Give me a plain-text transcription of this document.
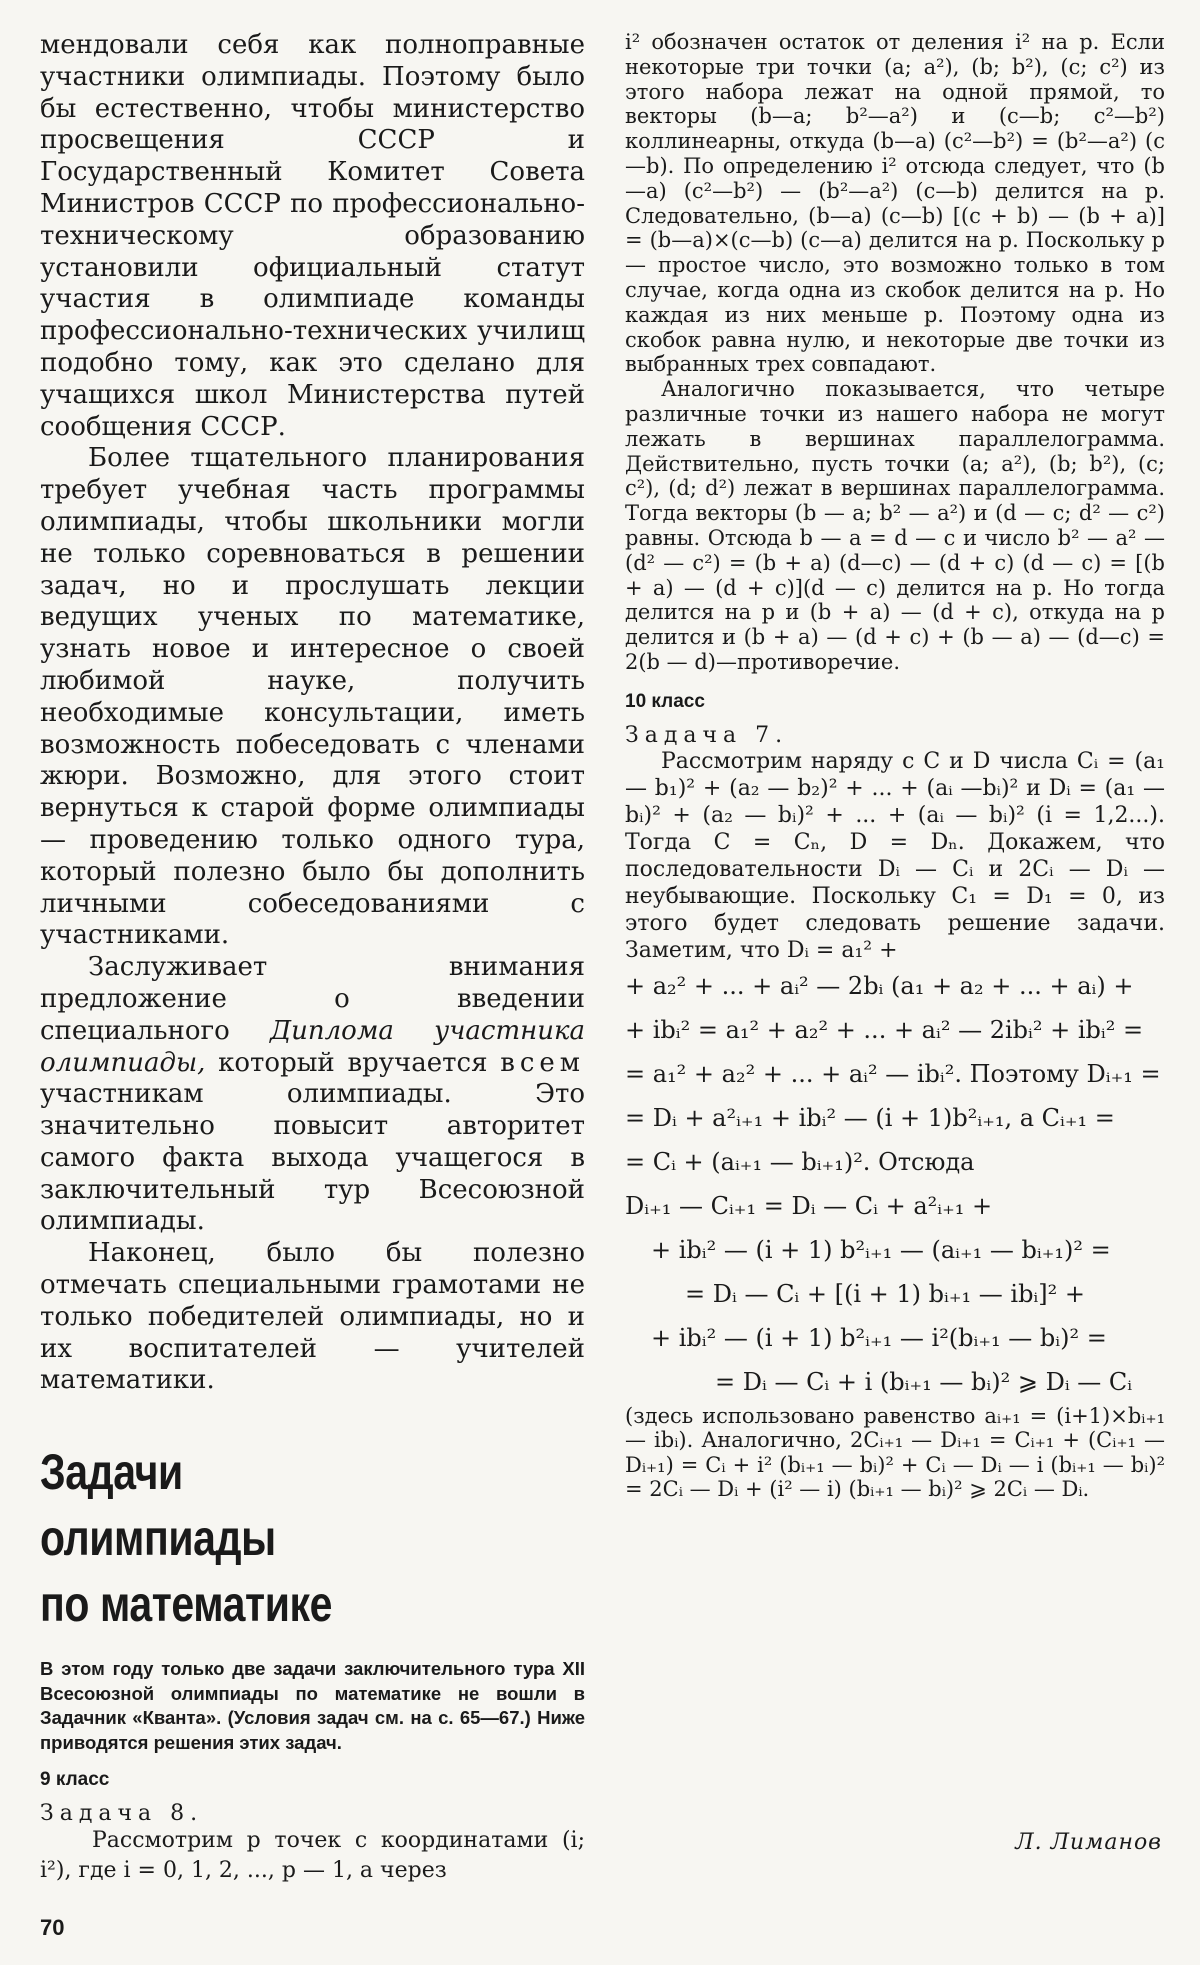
мендовали себя как полноправные участники олимпиады. Поэтому было бы естественно, чтобы министерство просвещения СССР и Государственный Комитет Совета Министров СССР по профессионально-техническому образованию установили официальный статут участия в олимпиаде команды профессионально-технических училищ подобно тому, как это сделано для учащихся школ Министерства путей сообщения СССР.

Более тщательного планирования требует учебная часть программы олимпиады, чтобы школьники могли не только соревноваться в решении задач, но и прослушать лекции ведущих ученых по математике, узнать новое и интересное о своей любимой науке, получить необходимые консультации, иметь возможность побеседовать с членами жюри. Возможно, для этого стоит вернуться к старой форме олимпиады — проведению только одного тура, который полезно было бы дополнить личными собеседованиями с участниками.

Заслуживает внимания предложение о введении специального Диплома участника олимпиады, который вручается всем участникам олимпиады. Это значительно повысит авторитет самого факта выхода учащегося в заключительный тур Всесоюзной олимпиады.

Наконец, было бы полезно отмечать специальными грамотами не только победителей олимпиады, но и их воспитателей — учителей математики.

Задачи
олимпиады
по математике

В этом году только две задачи заключительного тура XII Всесоюзной олимпиады по математике не вошли в Задачник «Кванта». (Условия задач см. на с. 65—67.) Ниже приводятся решения этих задач.

9 класс
Задача 8.

Рассмотрим p точек с координатами (i; i²), где i = 0, 1, 2, ..., p — 1, а через

i² обозначен остаток от деления i² на p. Если некоторые три точки (a; a²), (b; b²), (c; c²) из этого набора лежат на одной прямой, то векторы (b—a; b²—a²) и (c—b; c²—b²) коллинеарны, откуда (b—a) (c²—b²) = (b²—a²) (c—b). По определению i² отсюда следует, что (b—a) (c²—b²) — (b²—a²) (c—b) делится на p. Следовательно, (b—a) (c—b) [(c + b) — (b + a)] = (b—a)×(c—b) (c—a) делится на p. Поскольку p — простое число, это возможно только в том случае, когда одна из скобок делится на p. Но каждая из них меньше p. Поэтому одна из скобок равна нулю, и некоторые две точки из выбранных трех совпадают.

Аналогично показывается, что четыре различные точки из нашего набора не могут лежать в вершинах параллелограмма. Действительно, пусть точки (a; a²), (b; b²), (c; c²), (d; d²) лежат в вершинах параллелограмма. Тогда векторы (b — a; b² — a²) и (d — c; d² — c²) равны. Отсюда b — a = d — c и число b² — a² — (d² — c²) = (b + a) (d—c) — (d + c) (d — c) = [(b + a) — (d + c)](d — c) делится на p. Но тогда делится на p и (b + a) — (d + c), откуда на p делится и (b + a) — (d + c) + (b — a) — (d—c) = 2(b — d)—противоречие.

10 класс
Задача 7.

Рассмотрим наряду с C и D числа Cᵢ = (a₁ — b₁)² + (a₂ — b₂)² + ... + (aᵢ —bᵢ)² и Dᵢ = (a₁ — bᵢ)² + (a₂ — bᵢ)² + ... + (aᵢ — bᵢ)² (i = 1,2...). Тогда C = Cₙ, D = Dₙ. Докажем, что последовательности Dᵢ — Cᵢ и 2Cᵢ — Dᵢ — неубывающие. Поскольку C₁ = D₁ = 0, из этого будет следовать решение задачи. Заметим, что Dᵢ = a₁² +

+ a₂² + ... + aᵢ² — 2bᵢ (a₁ + a₂ + ... + aᵢ) +
+ ibᵢ² = a₁² + a₂² + ... + aᵢ² — 2ibᵢ² + ibᵢ² =
= a₁² + a₂² + ... + aᵢ² — ibᵢ². Поэтому Dᵢ₊₁ =
= Dᵢ + a²ᵢ₊₁ + ibᵢ² — (i + 1)b²ᵢ₊₁, а Cᵢ₊₁ =
= Cᵢ + (aᵢ₊₁ — bᵢ₊₁)². Отсюда
Dᵢ₊₁ — Cᵢ₊₁ = Dᵢ — Cᵢ + a²ᵢ₊₁ +
+ ibᵢ² — (i + 1) b²ᵢ₊₁ — (aᵢ₊₁ — bᵢ₊₁)² =
= Dᵢ — Cᵢ + [(i + 1) bᵢ₊₁ — ibᵢ]² +
+ ibᵢ² — (i + 1) b²ᵢ₊₁ — i²(bᵢ₊₁ — bᵢ)² =
= Dᵢ — Cᵢ + i (bᵢ₊₁ — bᵢ)² ⩾ Dᵢ — Cᵢ

(здесь использовано равенство aᵢ₊₁ = (i+1)×bᵢ₊₁ — ibᵢ). Аналогично, 2Cᵢ₊₁ — Dᵢ₊₁ = Cᵢ₊₁ + (Cᵢ₊₁ — Dᵢ₊₁) = Cᵢ + i² (bᵢ₊₁ — bᵢ)² + Cᵢ — Dᵢ — i (bᵢ₊₁ — bᵢ)² = 2Cᵢ — Dᵢ + (i² — i) (bᵢ₊₁ — bᵢ)² ⩾ 2Cᵢ — Dᵢ.

Л. Лиманов
70
